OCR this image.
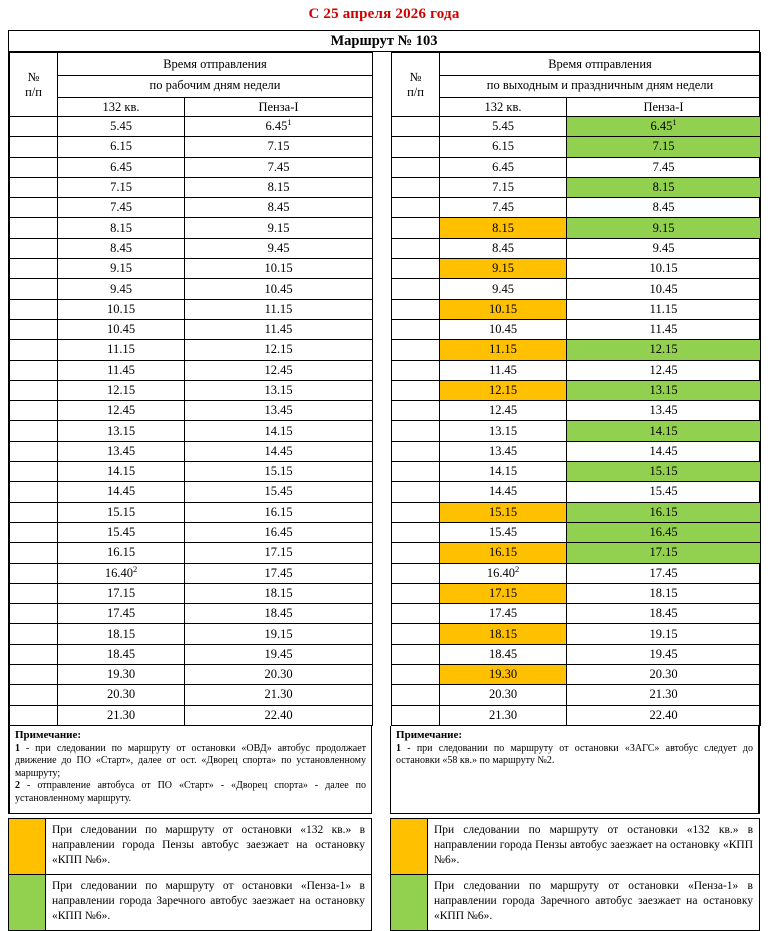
С 25 апреля 2026 года
Маршрут № 103
№
п/п	Время отправления
по рабочим дням недели	

	132 кв.	Пенза-I
	5.45	6.45$^1$
	6.15	7.15
	6.45	7.45
	7.15	8.15
	7.45	8.45
	8.15	9.15
	8.45	9.45
	9.15	10.15
	9.45	10.45
	10.15	11.15
	10.45	11.45
	11.15	12.15
	11.45	12.45
	12.15	13.15
	12.45	13.45
	13.15	14.15
	13.45	14.45
	14.15	15.15
	14.45	15.45
	15.15	16.15
	15.45	16.45
	16.15	17.15
	16.40$^2$	17.45
	17.15	18.15
	17.45	18.45
	18.15	19.15
	18.45	19.45
	19.30	20.30
	20.30	21.30
	21.30	22.40
№
п/п	Время отправления
по выходным и праздничным дням недели	

	132 кв.	Пенза-I
	5.45	6.45$^1$
	6.15	7.15
	6.45	7.45
	7.15	8.15
	7.45	8.45
	8.15	9.15
	8.45	9.45
	9.15	10.15
	9.45	10.45
	10.15	11.15
	10.45	11.45
	11.15	12.15
	11.45	12.45
	12.15	13.15
	12.45	13.45
	13.15	14.15
	13.45	14.45
	14.15	15.15
	14.45	15.45
	15.15	16.15
	15.45	16.45
	16.15	17.15
	16.40$^2$	17.45
	17.15	18.15
	17.45	18.45
	18.15	19.15
	18.45	19.45
	19.30	20.30
	20.30	21.30
	21.30	22.40
Примечание:
1 - при следовании по маршруту от остановки «ОВД» автобус продолжает движение до ПО «Старт», далее от ост. «Дворец спорта» по установленному маршруту;
2 - отправление автобуса от ПО «Старт» - «Дворец спорта» - далее по установленному маршруту.
Примечание:
1 - при следовании по маршруту от остановки «ЗАГС» автобус следует до остановки «58 кв.» по маршруту №2.
	При следовании по маршруту от остановки «132 кв.» в направлении города Пензы автобус заезжает на остановку «КПП №6».
	При следовании по маршруту от остановки «Пенза-1» в направлении города Заречного автобус заезжает на остановку «КПП №6».
	При следовании по маршруту от остановки «132 кв.» в направлении города Пензы автобус заезжает на остановку «КПП №6».
	При следовании по маршруту от остановки «Пенза-1» в направлении города Заречного автобус заезжает на остановку «КПП №6».
